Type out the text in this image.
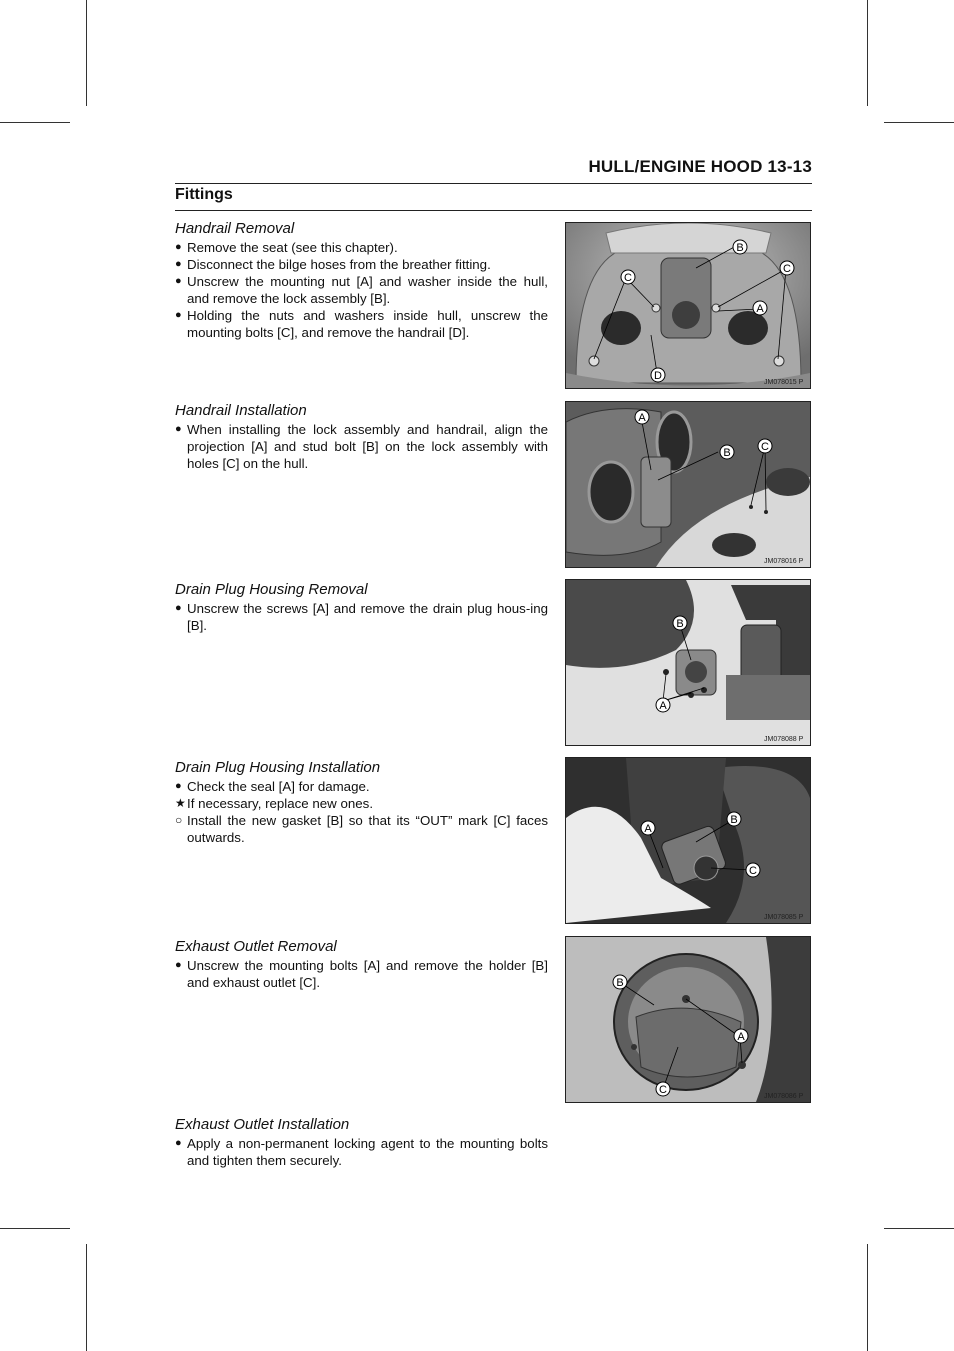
HULL/ENGINE HOOD 13-13
Fittings
Handrail Removal

● Remove the seat (see this chapter).

● Disconnect the bilge hoses from the breather fitting.

● Unscrew the mounting nut [A] and washer inside the hull, and remove the lock assembly [B].

● Holding the nuts and washers inside hull, unscrew the mounting bolts [C], and remove the handrail [D].

Handrail Installation

● When installing the lock assembly and handrail, align the projection [A] and stud bolt [B] on the lock assembly with holes [C] on the hull.

Drain Plug Housing Removal

● Unscrew the screws [A] and remove the drain plug hous-ing [B].

Drain Plug Housing Installation

● Check the seal [A] for damage.

★ If necessary, replace new ones.

○ Install the new gasket [B] so that its “OUT” mark [C] faces outwards.

Exhaust Outlet Removal

● Unscrew the mounting bolts [A] and remove the holder [B] and exhaust outlet [C].

Exhaust Outlet Installation

● Apply a non-permanent locking agent to the mounting bolts and tighten them securely.

B
C
C
A
D
JM078015 P
A
B	C
JM078016 P
B
A
JM078088 P
A
B
C
JM078085 P
B
A
C
JM078086 P
